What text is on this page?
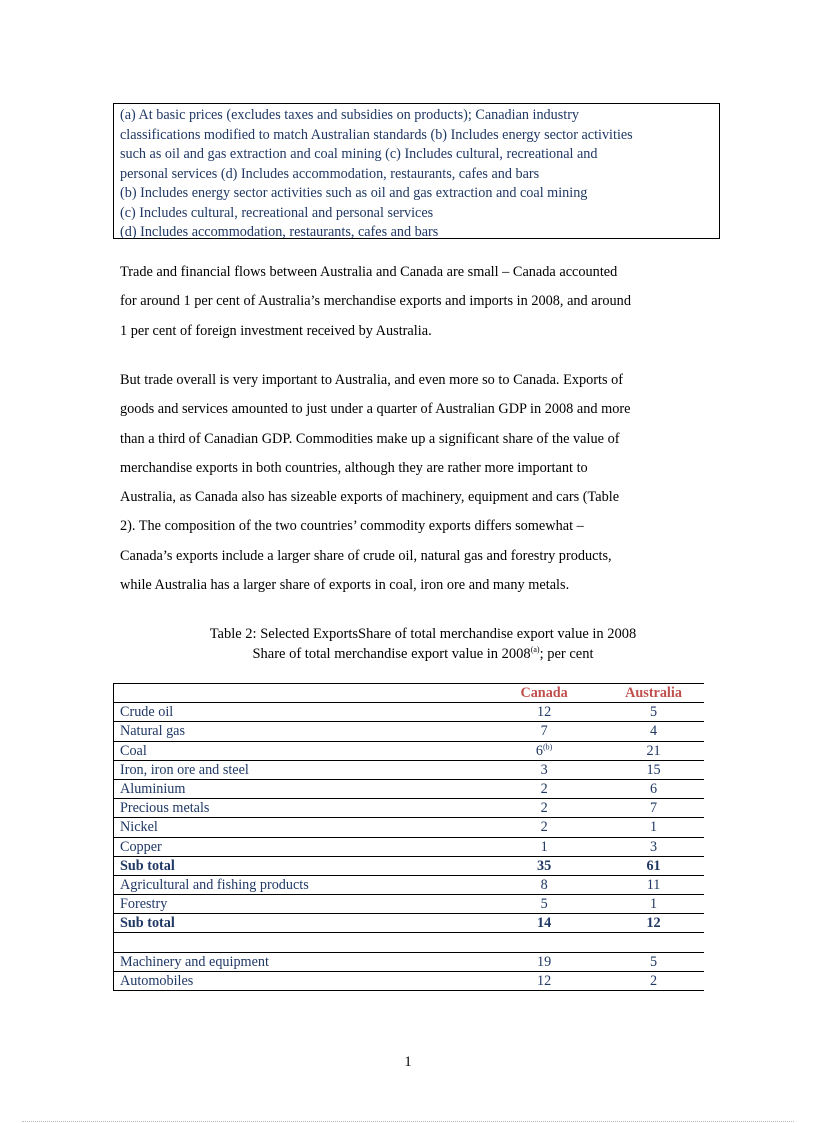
(a) At basic prices (excludes taxes and subsidies on products); Canadian industry
classifications modified to match Australian standards (b) Includes energy sector activities
such as oil and gas extraction and coal mining (c) Includes cultural, recreational and
personal services (d) Includes accommodation, restaurants, cafes and bars
(b) Includes energy sector activities such as oil and gas extraction and coal mining
(c) Includes cultural, recreational and personal services
(d) Includes accommodation, restaurants, cafes and bars
Trade and financial flows between Australia and Canada are small – Canada accounted
for around 1 per cent of Australia’s merchandise exports and imports in 2008, and around
1 per cent of foreign investment received by Australia.
But trade overall is very important to Australia, and even more so to Canada. Exports of
goods and services amounted to just under a quarter of Australian GDP in 2008 and more
than a third of Canadian GDP. Commodities make up a significant share of the value of
merchandise exports in both countries, although they are rather more important to
Australia, as Canada also has sizeable exports of machinery, equipment and cars (Table
2). The composition of the two countries’ commodity exports differs somewhat –
Canada’s exports include a larger share of crude oil, natural gas and forestry products,
while Australia has a larger share of exports in coal, iron ore and many metals.
Table 2: Selected ExportsShare of total merchandise export value in 2008
Share of total merchandise export value in 2008$^{(a)}$; per cent
	Canada	Australia
Crude oil	12	5
Natural gas	7	4
Coal	6$^{(b)}$	21
Iron, iron ore and steel	3	15
Aluminium	2	6
Precious metals	2	7
Nickel	2	1
Copper	1	3
Sub total	35	61
Agricultural and fishing products	8	11
Forestry	5	1
Sub total	14	12

Machinery and equipment	19	5
Automobiles	12	2
1
